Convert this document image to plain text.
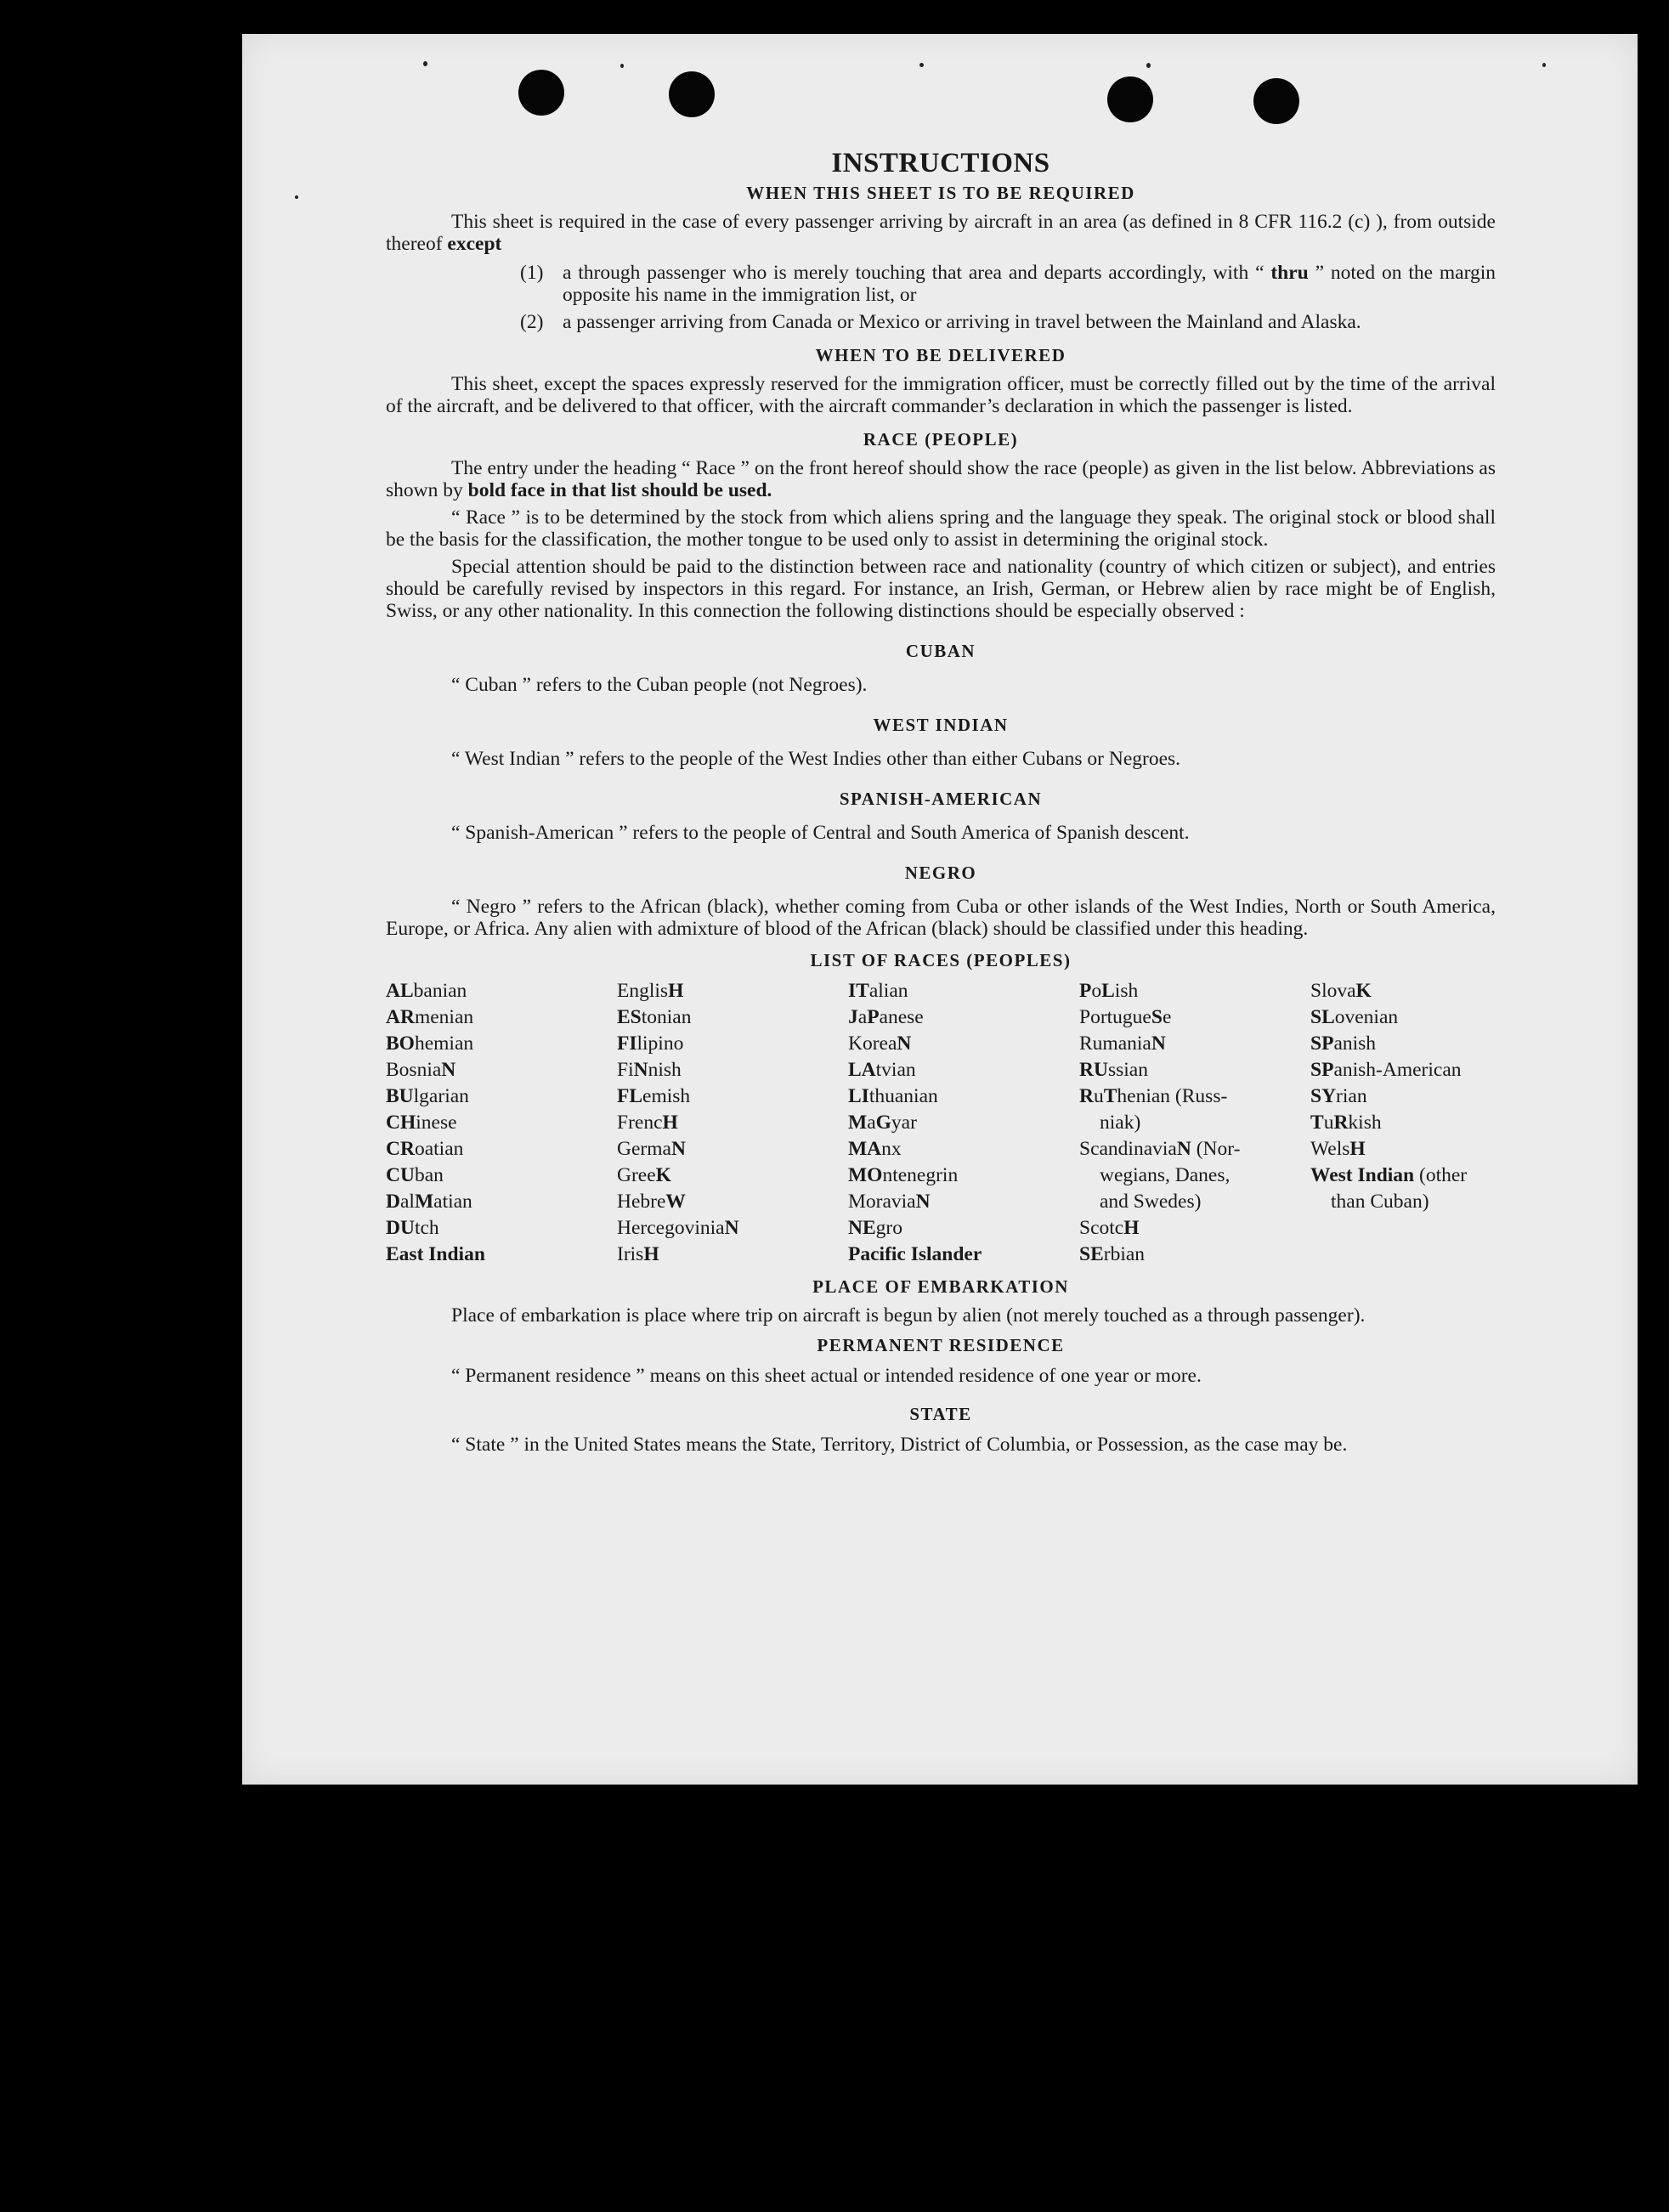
INSTRUCTIONS
WHEN THIS SHEET IS TO BE REQUIRED

This sheet is required in the case of every passenger arriving by aircraft in an area (as defined in 8 CFR 116.2 (c) ), from outside thereof except

(1) a through passenger who is merely touching that area and departs accordingly, with “ thru ” noted on the margin opposite his name in the immigration list, or
(2) a passenger arriving from Canada or Mexico or arriving in travel between the Mainland and Alaska.
WHEN TO BE DELIVERED

This sheet, except the spaces expressly reserved for the immigration officer, must be correctly filled out by the time of the arrival of the aircraft, and be delivered to that officer, with the aircraft commander’s declaration in which the passenger is listed.

RACE (PEOPLE)

The entry under the heading “ Race ” on the front hereof should show the race (people) as given in the list below. Abbreviations as shown by bold face in that list should be used.

“ Race ” is to be determined by the stock from which aliens spring and the language they speak. The original stock or blood shall be the basis for the classification, the mother tongue to be used only to assist in determining the original stock.

Special attention should be paid to the distinction between race and nationality (country of which citizen or subject), and entries should be carefully revised by inspectors in this regard. For instance, an Irish, German, or Hebrew alien by race might be of English, Swiss, or any other nationality. In this connection the following distinctions should be especially observed :

CUBAN

“ Cuban ” refers to the Cuban people (not Negroes).

WEST INDIAN

“ West Indian ” refers to the people of the West Indies other than either Cubans or Negroes.

SPANISH-AMERICAN

“ Spanish-American ” refers to the people of Central and South America of Spanish descent.

NEGRO

“ Negro ” refers to the African (black), whether coming from Cuba or other islands of the West Indies, North or South America, Europe, or Africa. Any alien with admixture of blood of the African (black) should be classified under this heading.

LIST OF RACES (PEOPLES)
ALbanian
ARmenian
BOhemian
BosniaN
BUlgarian
CHinese
CRoatian
CUban
DalMatian
DUtch
East Indian
EnglisH
EStonian
FIlipino
FiNnish
FLemish
FrencH
GermaN
GreeK
HebreW
HercegoviniaN
IrisH
ITalian
JaPanese
KoreaN
LAtvian
LIthuanian
MaGyar
MAnx
MOntenegrin
MoraviaN
NEgro
Pacific Islander
PoLish
PortugueSe
RumaniaN
RUssian
RuThenian (Russ-
niak)
ScandinaviaN (Nor-
wegians, Danes,
and Swedes)
ScotcH
SErbian
SlovaK
SLovenian
SPanish
SPanish-American
SYrian
TuRkish
WelsH
West Indian (other
than Cuban)
PLACE OF EMBARKATION

Place of embarkation is place where trip on aircraft is begun by alien (not merely touched as a through passenger).

PERMANENT RESIDENCE

“ Permanent residence ” means on this sheet actual or intended residence of one year or more.

STATE

“ State ” in the United States means the State, Territory, District of Columbia, or Possession, as the case may be.
